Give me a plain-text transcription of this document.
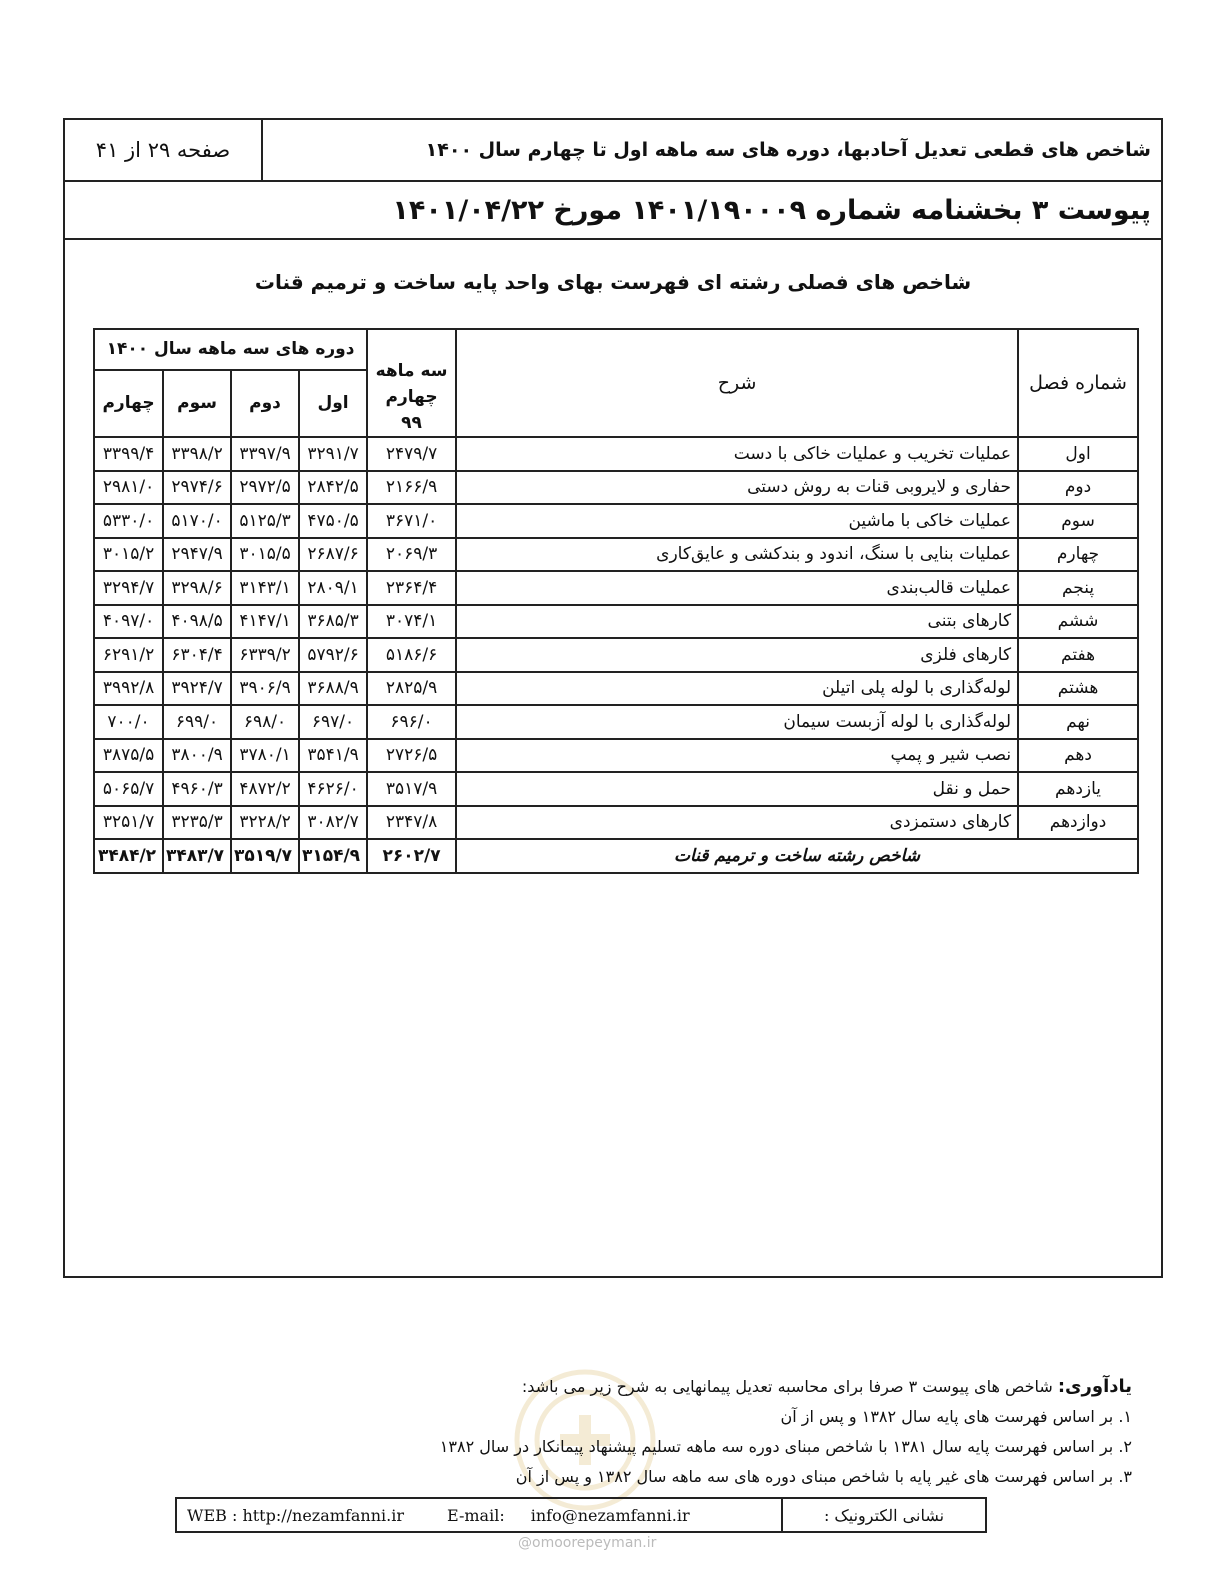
صفحه ۲۹ از ۴۱	شاخص های قطعی تعدیل آحادبها، دوره های سه ماهه اول تا چهارم سال ۱۴۰۰
پیوست ۳ بخشنامه شماره ۱۴۰۱/۱۹۰۰۰۹ مورخ ۱۴۰۱/۰۴/۲۲
شاخص های فصلی رشته ای فهرست بهای واحد پایه ساخت و ترمیم قنات
شماره فصل	شرح	سه ماهه چهارم ۹۹	دوره های سه ماهه سال ۱۴۰۰			
			اول	دوم	سوم	چهارم
اول	عملیات تخریب و عملیات خاکی با دست	۲۴۷۹/۷	۳۲۹۱/۷	۳۳۹۷/۹	۳۳۹۸/۲	۳۳۹۹/۴
دوم	حفاری و لایروبی قنات به روش دستی	۲۱۶۶/۹	۲۸۴۲/۵	۲۹۷۲/۵	۲۹۷۴/۶	۲۹۸۱/۰
سوم	عملیات خاکی با ماشین	۳۶۷۱/۰	۴۷۵۰/۵	۵۱۲۵/۳	۵۱۷۰/۰	۵۳۳۰/۰
چهارم	عملیات بنایی با سنگ، اندود و بندکشی و عایق‌کاری	۲۰۶۹/۳	۲۶۸۷/۶	۳۰۱۵/۵	۲۹۴۷/۹	۳۰۱۵/۲
پنجم	عملیات قالب‌بندی	۲۳۶۴/۴	۲۸۰۹/۱	۳۱۴۳/۱	۳۲۹۸/۶	۳۲۹۴/۷
ششم	کارهای بتنی	۳۰۷۴/۱	۳۶۸۵/۳	۴۱۴۷/۱	۴۰۹۸/۵	۴۰۹۷/۰
هفتم	کارهای فلزی	۵۱۸۶/۶	۵۷۹۲/۶	۶۳۳۹/۲	۶۳۰۴/۴	۶۲۹۱/۲
هشتم	لوله‌گذاری با لوله پلی اتیلن	۲۸۲۵/۹	۳۶۸۸/۹	۳۹۰۶/۹	۳۹۲۴/۷	۳۹۹۲/۸
نهم	لوله‌گذاری با لوله آزبست سیمان	۶۹۶/۰	۶۹۷/۰	۶۹۸/۰	۶۹۹/۰	۷۰۰/۰
دهم	نصب شیر و پمپ	۲۷۲۶/۵	۳۵۴۱/۹	۳۷۸۰/۱	۳۸۰۰/۹	۳۸۷۵/۵
یازدهم	حمل و نقل	۳۵۱۷/۹	۴۶۲۶/۰	۴۸۷۲/۲	۴۹۶۰/۳	۵۰۶۵/۷
دوازدهم	کارهای دستمزدی	۲۳۴۷/۸	۳۰۸۲/۷	۳۲۲۸/۲	۳۲۳۵/۳	۳۲۵۱/۷
شاخص رشته ساخت و ترمیم قنات		۲۶۰۲/۷	۳۱۵۴/۹	۳۵۱۹/۷	۳۴۸۳/۷	۳۴۸۴/۲
یادآوری: شاخص های پیوست ۳ صرفا برای محاسبه تعدیل پیمانهایی به شرح زیر می باشد:
۱. بر اساس فهرست های پایه سال ۱۳۸۲ و پس از آن
۲. بر اساس فهرست پایه سال ۱۳۸۱ با شاخص مبنای دوره سه ماهه تسلیم پیشنهاد پیمانکار در سال ۱۳۸۲
۳. بر اساس فهرست های غیر پایه با شاخص مبنای دوره های سه ماهه سال ۱۳۸۲ و پس از آن
نشانی الکترونیک :
WEB : http://nezamfanni.ir	E-mail: info@nezamfanni.ir
@omoorepeyman.ir
